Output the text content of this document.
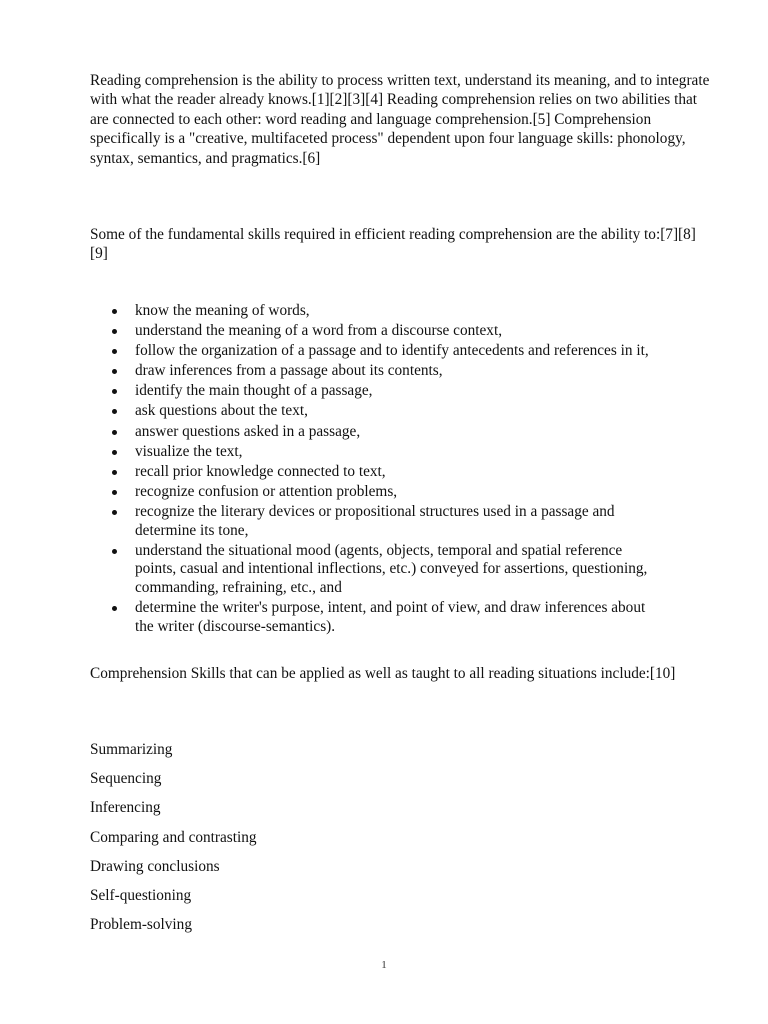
Reading comprehension is the ability to process written text, understand its meaning, and to integrate with what the reader already knows.[1][2][3][4] Reading comprehension relies on two abilities that are connected to each other: word reading and language comprehension.[5] Comprehension specifically is a "creative, multifaceted process" dependent upon four language skills: phonology, syntax, semantics, and pragmatics.[6]

Some of the fundamental skills required in efficient reading comprehension are the ability to:[7][8][9]

know the meaning of words,
understand the meaning of a word from a discourse context,
follow the organization of a passage and to identify antecedents and references in it,
draw inferences from a passage about its contents,
identify the main thought of a passage,
ask questions about the text,
answer questions asked in a passage,
visualize the text,
recall prior knowledge connected to text,
recognize confusion or attention problems,
recognize the literary devices or propositional structures used in a passage and determine its tone,
understand the situational mood (agents, objects, temporal and spatial reference points, casual and intentional inflections, etc.) conveyed for assertions, questioning, commanding, refraining, etc., and
determine the writer's purpose, intent, and point of view, and draw inferences about the writer (discourse-semantics).

Comprehension Skills that can be applied as well as taught to all reading situations include:[10]

Summarizing
Sequencing
Inferencing
Comparing and contrasting
Drawing conclusions
Self-questioning
Problem-solving
1
